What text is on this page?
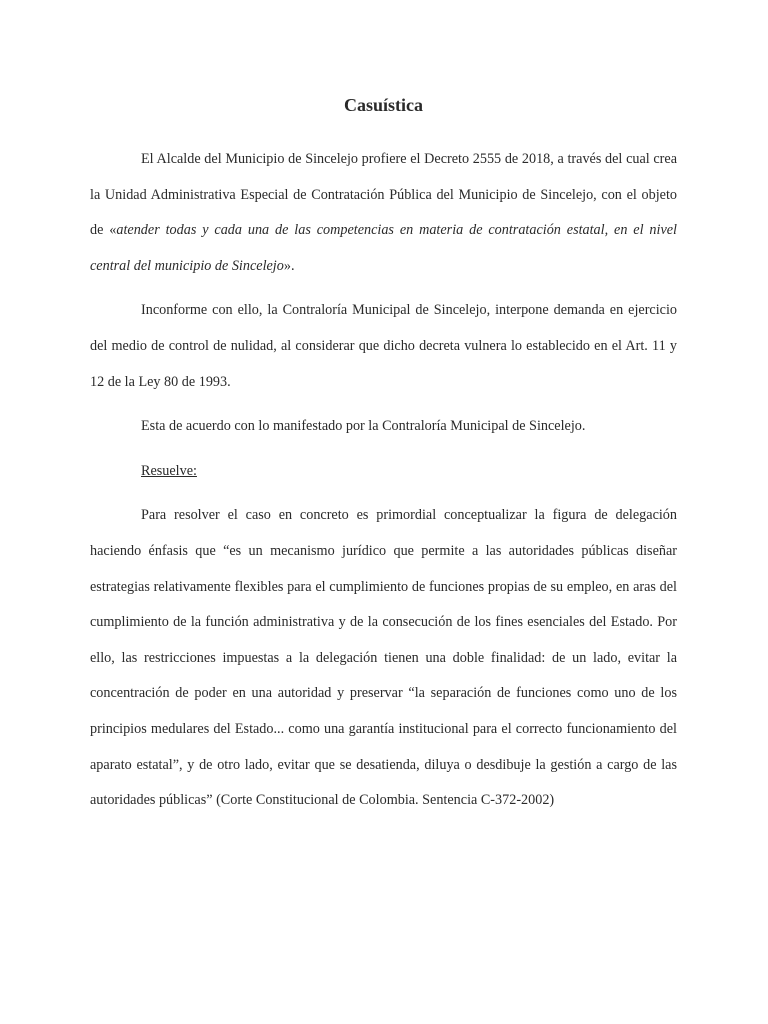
Casuística

El Alcalde del Municipio de Sincelejo profiere el Decreto 2555 de 2018, a través del cual crea la Unidad Administrativa Especial de Contratación Pública del Municipio de Sincelejo, con el objeto de «atender todas y cada una de las competencias en materia de contratación estatal, en el nivel central del municipio de Sincelejo».

Inconforme con ello, la Contraloría Municipal de Sincelejo, interpone demanda en ejercicio del medio de control de nulidad, al considerar que dicho decreta vulnera lo establecido en el Art. 11 y 12 de la Ley 80 de 1993.

Esta de acuerdo con lo manifestado por la Contraloría Municipal de Sincelejo.

Resuelve:

Para resolver el caso en concreto es primordial conceptualizar la figura de delegación haciendo énfasis que “es un mecanismo jurídico que permite a las autoridades públicas diseñar estrategias relativamente flexibles para el cumplimiento de funciones propias de su empleo, en aras del cumplimiento de la función administrativa y de la consecución de los fines esenciales del Estado. Por ello, las restricciones impuestas a la delegación tienen una doble finalidad: de un lado, evitar la concentración de poder en una autoridad y preservar “la separación de funciones como uno de los principios medulares del Estado... como una garantía institucional para el correcto funcionamiento del aparato estatal”, y de otro lado, evitar que se desatienda, diluya o desdibuje la gestión a cargo de las autoridades públicas” (Corte Constitucional de Colombia. Sentencia C-372-2002)
